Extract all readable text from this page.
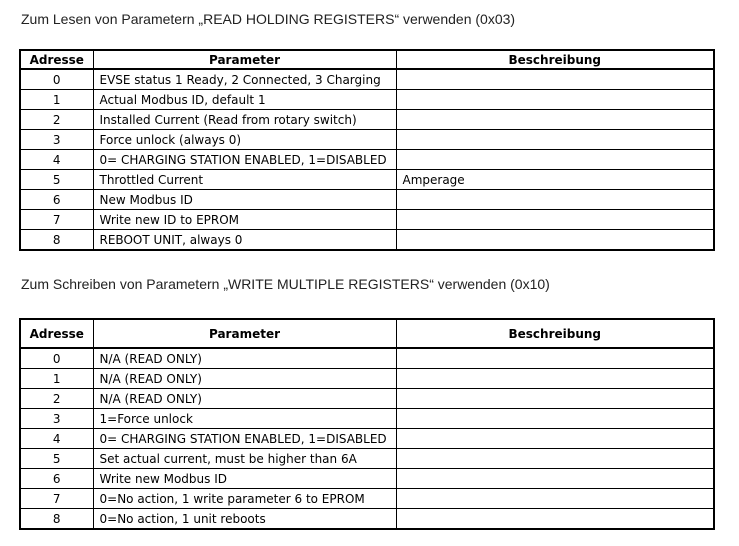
Zum Lesen von Parametern „READ HOLDING REGISTERS“ verwenden (0x03)
Adresse	Parameter	Beschreibung
0	EVSE status 1 Ready, 2 Connected, 3 Charging	
1	Actual Modbus ID, default 1	
2	Installed Current (Read from rotary switch)	
3	Force unlock (always 0)	
4	0= CHARGING STATION ENABLED, 1=DISABLED	
5	Throttled Current	Amperage
6	New Modbus ID	
7	Write new ID to EPROM	
8	REBOOT UNIT, always 0	
Zum Schreiben von Parametern „WRITE MULTIPLE REGISTERS“ verwenden (0x10)
Adresse	Parameter	Beschreibung
0	N/A (READ ONLY)	
1	N/A (READ ONLY)	
2	N/A (READ ONLY)	
3	1=Force unlock	
4	0= CHARGING STATION ENABLED, 1=DISABLED	
5	Set actual current, must be higher than 6A	
6	Write new Modbus ID	
7	0=No action, 1 write parameter 6 to EPROM	
8	0=No action, 1 unit reboots	
